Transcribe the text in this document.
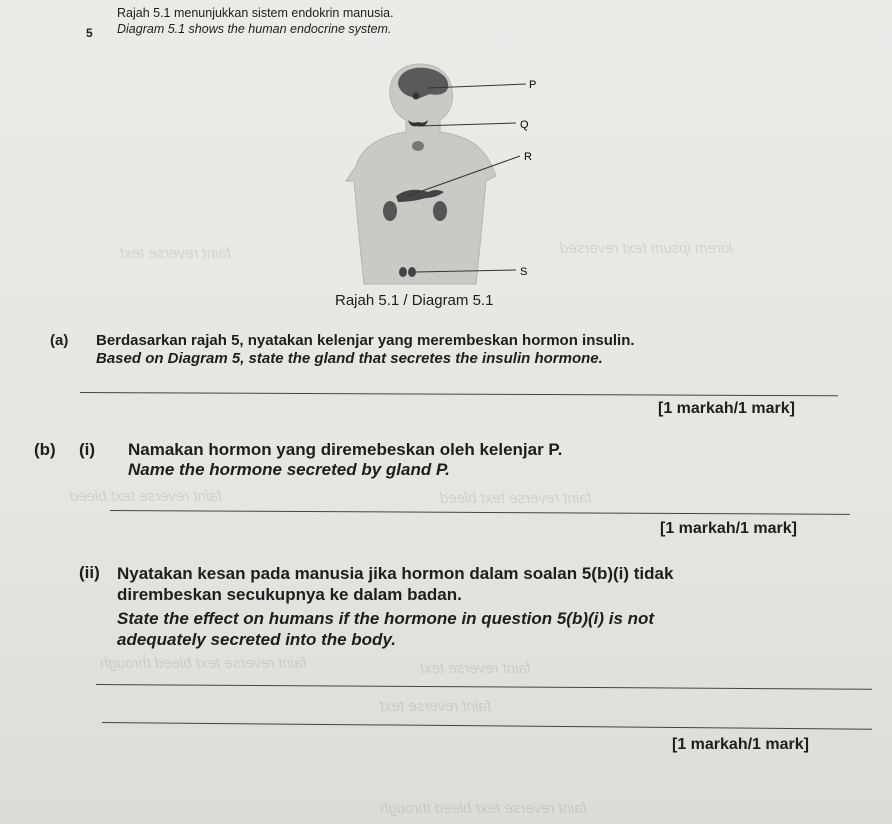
lorem ipsum text reversed
faint reverse text
faint reverse text bleed	faint reverse text bleed
faint reverse text bleed through	faint reverse text
faint reverse text
faint reverse text bleed through
5
Rajah 5.1 menunjukkan sistem endokrin manusia.
Diagram 5.1 shows the human endocrine system.
P
Q
R
S
Rajah 5.1 / Diagram 5.1
(a) Berdasarkan rajah 5, nyatakan kelenjar yang merembeskan hormon insulin.
Based on Diagram 5, state the gland that secretes the insulin hormone.
[1 markah/1 mark]
(b) (i) Namakan hormon yang diremebeskan oleh kelenjar P.
Name the hormone secreted by gland P.
[1 markah/1 mark]
(ii) Nyatakan kesan pada manusia jika hormon dalam soalan 5(b)(i) tidak
dirembeskan secukupnya ke dalam badan.
State the effect on humans if the hormone in question 5(b)(i) is not
adequately secreted into the body.
[1 markah/1 mark]
